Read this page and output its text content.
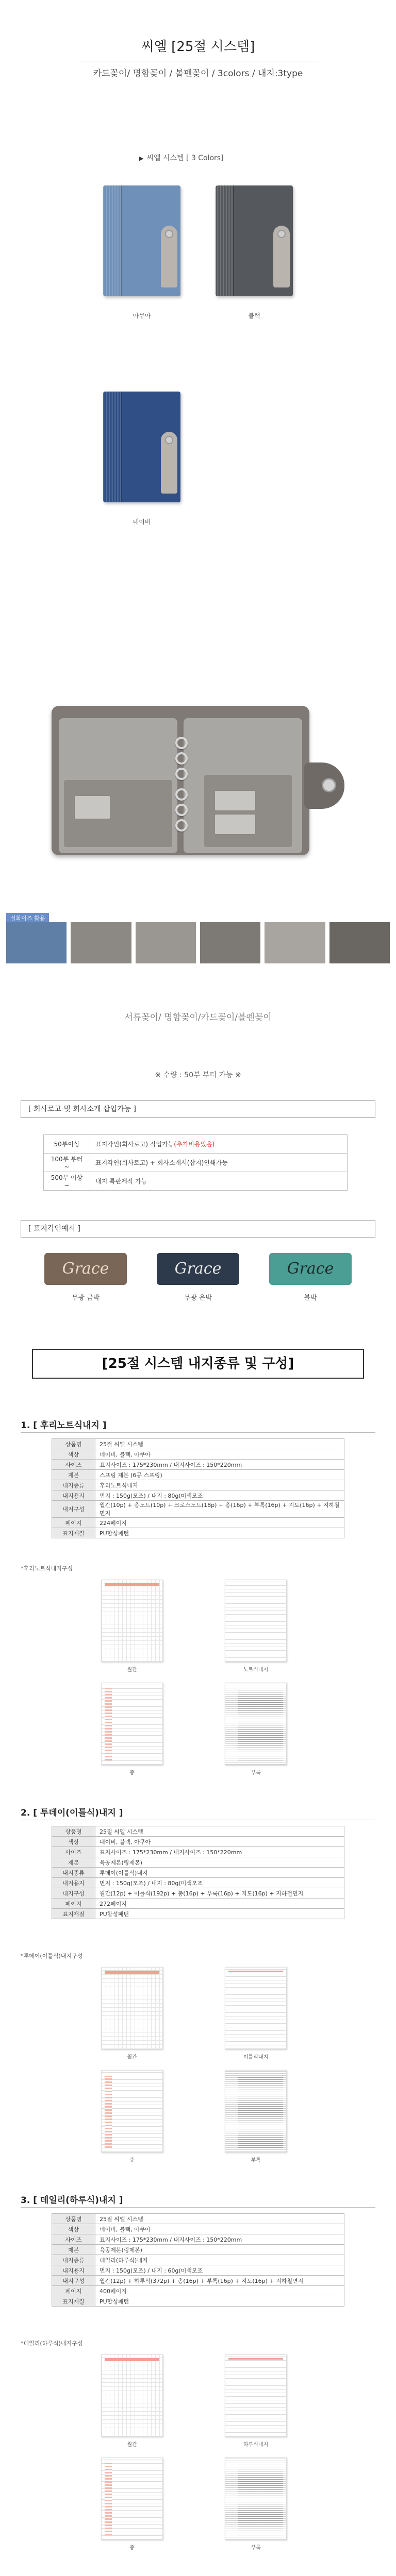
씨엘 [25절 시스템]
카드꽂이/ 명함꽂이 / 볼펜꽂이 / 3colors / 내지:3type
▶ 씨엘 시스템 [ 3 Colors]
아쿠아	블랙
네이비
실화이즈 활용
서류꽂이/ 명함꽂이/카드꽂이/볼펜꽂이
※ 수량 : 50부 부터 가능 ※
[ 회사로고 및 회사소개 삽입가능 ]
50부이상	표지각인(회사로고) 작업가능(추가비용있음)
100부 부터~	표지각인(회사로고) + 회사소개서(삽지)인쇄가능
500부 이상~	내지 특판제작 가능
[ 표지각인예시 ]
Grace
무광 금박
Grace
무광 은박
Grace
블박
[25절 시스템 내지종류 및 구성]
1. [ 후리노트식내지 ]
상품명	25절 씨엘 시스템
색상	네이비, 블랙, 아쿠아
사이즈	표지사이즈 : 175*230mm / 내지사이즈 : 150*220mm
제본	스프링 제본 (6공 스프링)
내지종류	후리노트식내지
내지용지	먼지 : 150g(모조) / 내지 : 80g(미색모조
내지구성	월간(10p) + 총노트(10p) + 크로스노트(18p) + 총(16p) + 부록(16p) + 지도(16p) + 지하철면지
페이지	224페이지
표지재질	PU합성패턴
*후리노트식내지구성
월간	노트식내지
중	부록
2. [ 투데이(이틀식)내지 ]
상품명	25절 씨엘 시스템
색상	네이비, 블랙, 아쿠아
사이즈	표지사이즈 : 175*230mm / 내지사이즈 : 150*220mm
제본	육공제본(링제본)
내지종류	투데이(이틀식)내지
내지용지	먼지 : 150g(모조) / 내지 : 80g(미색모조
내지구성	월간(12p) + 이틀식(192p) + 총(16p) + 부록(16p) + 지도(16p) + 지하철면지
페이지	272페이지
표지재질	PU합성패턴
*투데이(이틀식)내지구성
월간	이틀식내지
중	부록
3. [ 데일리(하루식)내지 ]
상품명	25절 씨엘 시스템
색상	네이비, 블랙, 아쿠아
사이즈	표지사이즈 : 175*230mm / 내지사이즈 : 150*220mm
제본	육공제본(링제본)
내지종류	데일리(하루식)내지
내지용지	먼지 : 150g(모조) / 내지 : 60g(미색모조
내지구성	월간(12p) + 하루식(372p) + 총(16p) + 부록(16p) + 지도(16p) + 지하철면지
페이지	400페이지
표지재질	PU합성패턴
*데일리(하루식)내지구성
월간	하루식내지
중	부록
